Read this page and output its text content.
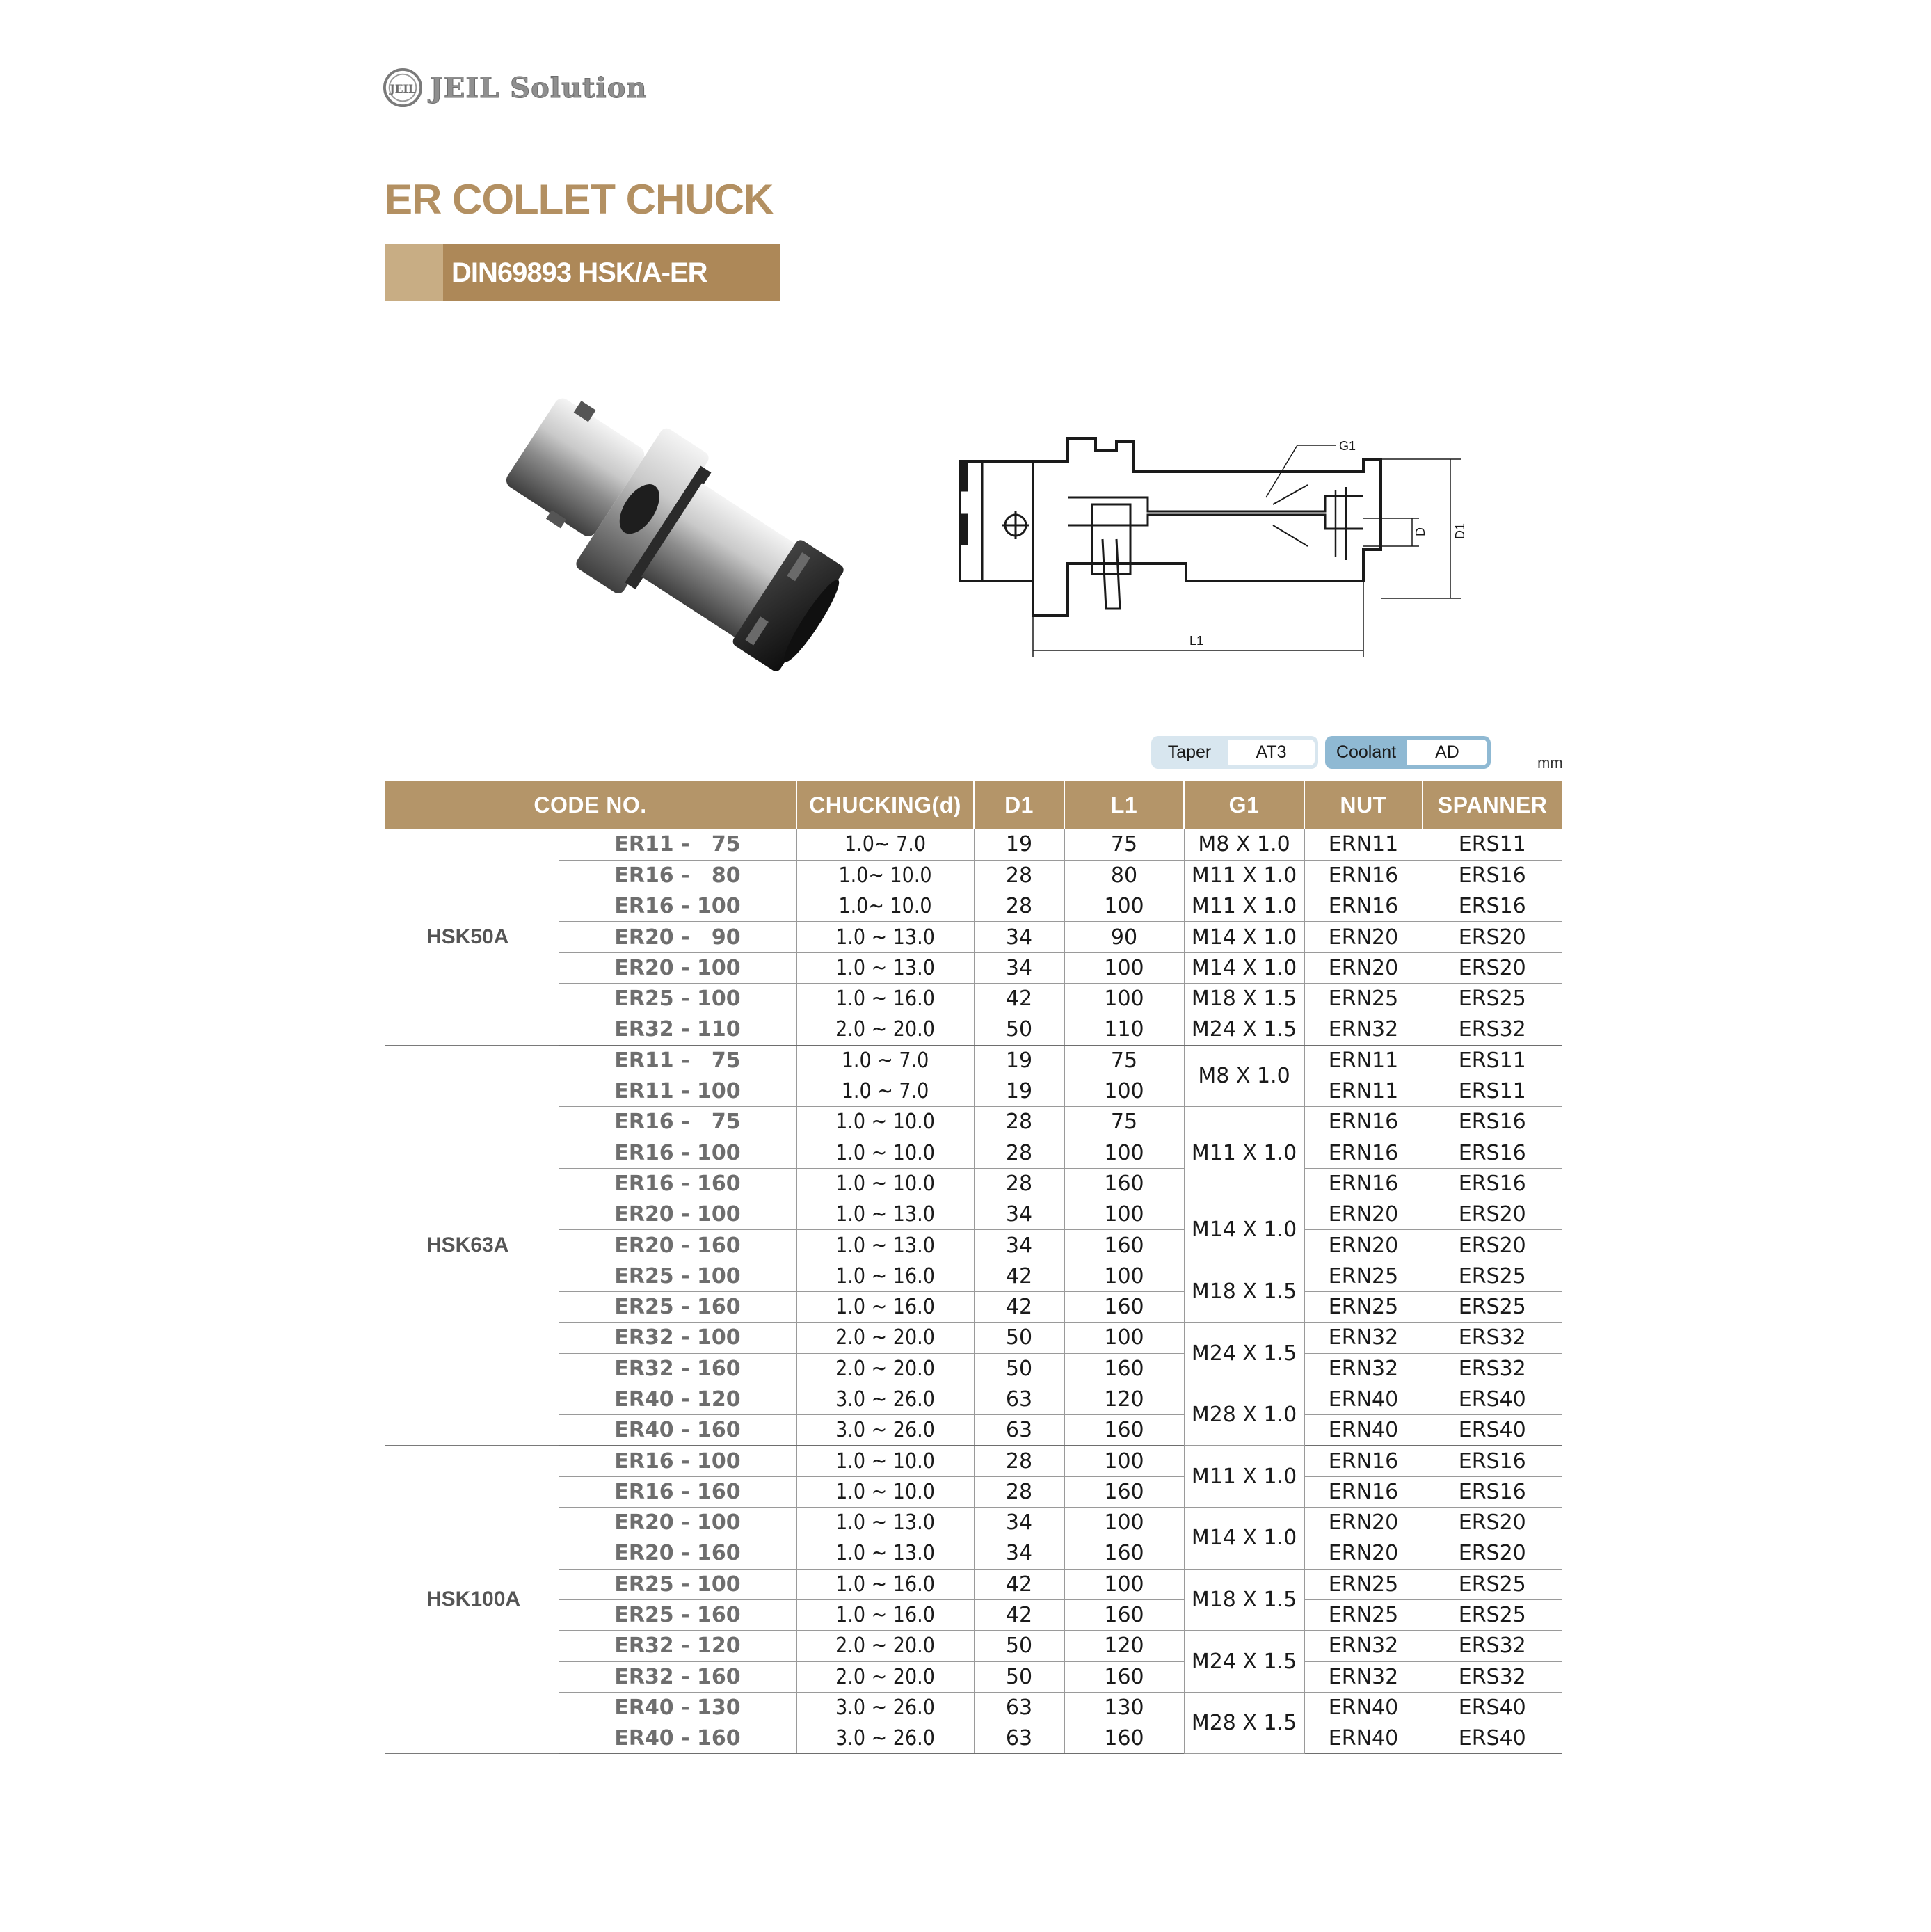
JEIL JEIL Solution
ER COLLET CHUCK
DIN69893 HSK/A-ER
G1
L1
D D1
Taper	AT3	Coolant	AD
mm
CODE NO.		CHUCKING(d)	D1	L1	G1	NUT	SPANNER
HSK50A	ER11 -   75	1.0~ 7.0	19	75	M8 X 1.0	ERN11	ERS11
	ER16 -   80	1.0~ 10.0	28	80	M11 X 1.0	ERN16	ERS16
	ER16 - 100	1.0~ 10.0	28	100	M11 X 1.0	ERN16	ERS16
	ER20 -   90	1.0 ~ 13.0	34	90	M14 X 1.0	ERN20	ERS20
	ER20 - 100	1.0 ~ 13.0	34	100	M14 X 1.0	ERN20	ERS20
	ER25 - 100	1.0 ~ 16.0	42	100	M18 X 1.5	ERN25	ERS25
	ER32 - 110	2.0 ~ 20.0	50	110	M24 X 1.5	ERN32	ERS32
HSK63A	ER11 -   75	1.0 ~ 7.0	19	75	M8 X 1.0	ERN11	ERS11
	ER11 - 100	1.0 ~ 7.0	19	100		ERN11	ERS11
	ER16 -   75	1.0 ~ 10.0	28	75	M11 X 1.0	ERN16	ERS16
	ER16 - 100	1.0 ~ 10.0	28	100		ERN16	ERS16
	ER16 - 160	1.0 ~ 10.0	28	160		ERN16	ERS16
	ER20 - 100	1.0 ~ 13.0	34	100	M14 X 1.0	ERN20	ERS20
	ER20 - 160	1.0 ~ 13.0	34	160		ERN20	ERS20
	ER25 - 100	1.0 ~ 16.0	42	100	M18 X 1.5	ERN25	ERS25
	ER25 - 160	1.0 ~ 16.0	42	160		ERN25	ERS25
	ER32 - 100	2.0 ~ 20.0	50	100	M24 X 1.5	ERN32	ERS32
	ER32 - 160	2.0 ~ 20.0	50	160		ERN32	ERS32
	ER40 - 120	3.0 ~ 26.0	63	120	M28 X 1.0	ERN40	ERS40
	ER40 - 160	3.0 ~ 26.0	63	160		ERN40	ERS40
HSK100A	ER16 - 100	1.0 ~ 10.0	28	100	M11 X 1.0	ERN16	ERS16
	ER16 - 160	1.0 ~ 10.0	28	160		ERN16	ERS16
	ER20 - 100	1.0 ~ 13.0	34	100	M14 X 1.0	ERN20	ERS20
	ER20 - 160	1.0 ~ 13.0	34	160		ERN20	ERS20
	ER25 - 100	1.0 ~ 16.0	42	100	M18 X 1.5	ERN25	ERS25
	ER25 - 160	1.0 ~ 16.0	42	160		ERN25	ERS25
	ER32 - 120	2.0 ~ 20.0	50	120	M24 X 1.5	ERN32	ERS32
	ER32 - 160	2.0 ~ 20.0	50	160		ERN32	ERS32
	ER40 - 130	3.0 ~ 26.0	63	130	M28 X 1.5	ERN40	ERS40
	ER40 - 160	3.0 ~ 26.0	63	160		ERN40	ERS40
